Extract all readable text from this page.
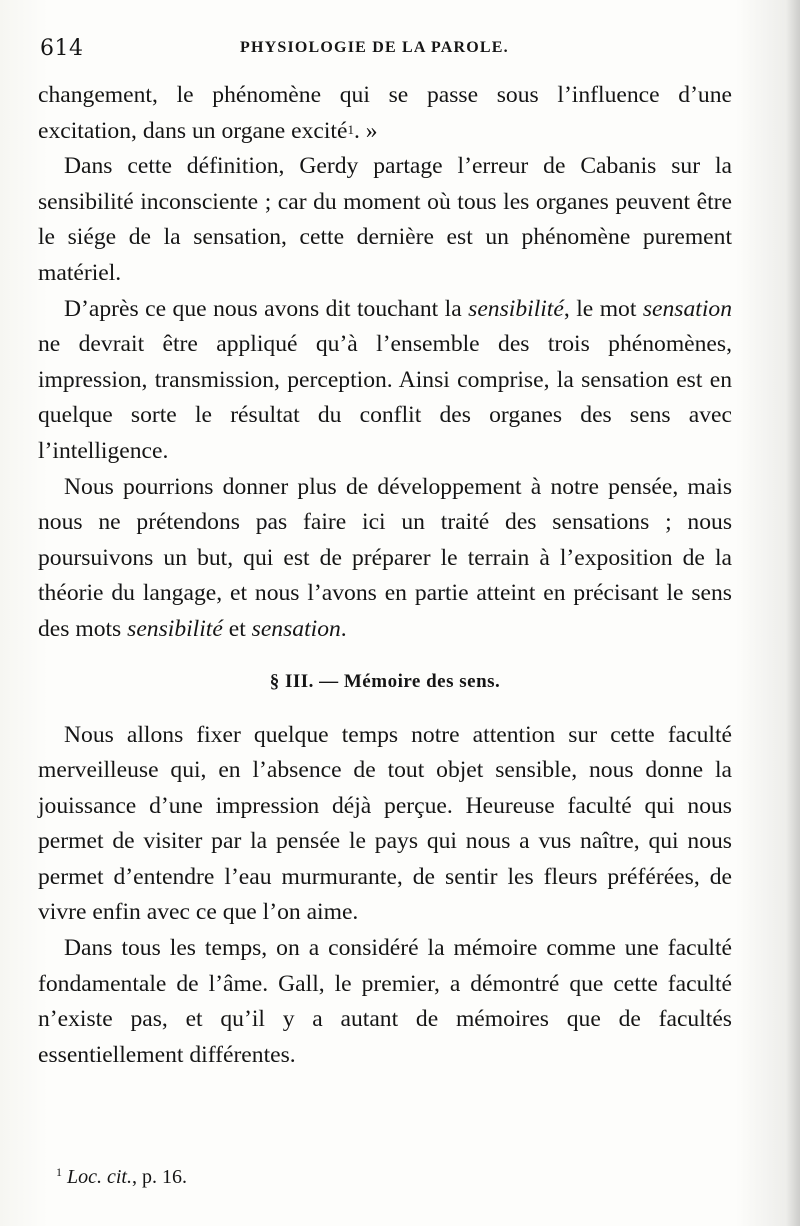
614	PHYSIOLOGIE DE LA PAROLE.

changement, le phénomène qui se passe sous l’influence d’une excitation, dans un organe excité$^1$. »

Dans cette définition, Gerdy partage l’erreur de Cabanis sur la sensibilité inconsciente ; car du moment où tous les organes peuvent être le siége de la sensation, cette dernière est un phénomène purement matériel.

D’après ce que nous avons dit touchant la sensibilité, le mot sensation ne devrait être appliqué qu’à l’ensemble des trois phénomènes, impression, transmission, perception. Ainsi comprise, la sensation est en quelque sorte le résultat du conflit des organes des sens avec l’intelligence.

Nous pourrions donner plus de développement à notre pensée, mais nous ne prétendons pas faire ici un traité des sensations ; nous poursuivons un but, qui est de préparer le terrain à l’exposition de la théorie du langage, et nous l’avons en partie atteint en précisant le sens des mots sensibilité et sensation.

§ III. — Mémoire des sens.

Nous allons fixer quelque temps notre attention sur cette faculté merveilleuse qui, en l’absence de tout objet sensible, nous donne la jouissance d’une impression déjà perçue. Heureuse faculté qui nous permet de visiter par la pensée le pays qui nous a vus naître, qui nous permet d’entendre l’eau murmurante, de sentir les fleurs préférées, de vivre enfin avec ce que l’on aime.

Dans tous les temps, on a considéré la mémoire comme une faculté fondamentale de l’âme. Gall, le premier, a démontré que cette faculté n’existe pas, et qu’il y a autant de mémoires que de facultés essentiellement différentes.

$^1$ Loc. cit., p. 16.
